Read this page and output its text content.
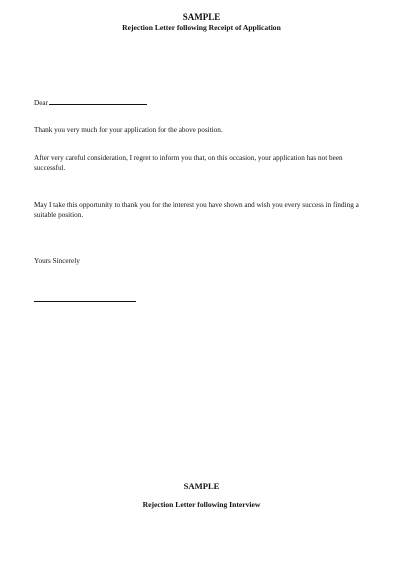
SAMPLE
Rejection Letter following Receipt of Application
Dear
Thank you very much for your application for the above position.
After very careful consideration, I regret to inform you that, on this occasion, your application has not been successful.
May I take this opportunity to thank you for the interest you have shown and wish you every success in finding a suitable position.
Yours Sincerely
SAMPLE
Rejection Letter following Interview
